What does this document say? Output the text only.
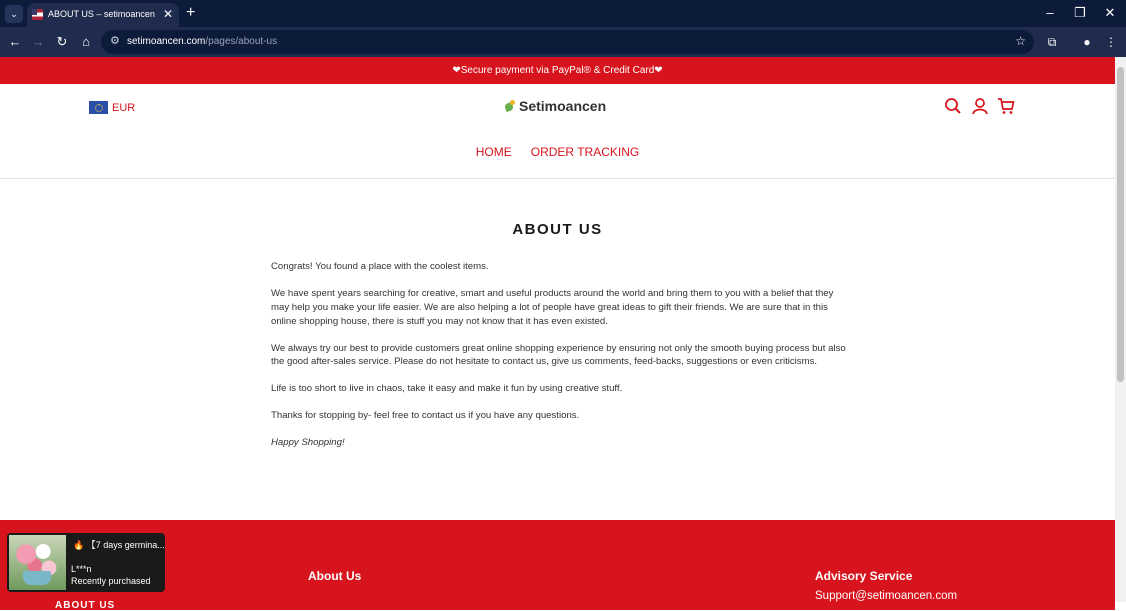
⌄	ABOUT US – setimoancen ✕ +	–	❐	✕
← → ↻	⌂	⚙ setimoancen.com/pages/about-us	☆	⧉	●	⋮
❤Secure payment via PayPal® & Credit Card❤
EUR	Setimoancen
HOME ORDER TRACKING
ABOUT US

Congrats! You found a place with the coolest items.

We have spent years searching for creative, smart and useful products around the world and bring them to you with a belief that they may help you make your life easier. We are also helping a lot of people have great ideas to gift their friends. We are sure that in this online shopping house, there is stuff you may not know that it has even existed.

We always try our best to provide customers great online shopping experience by ensuring not only the smooth buying process but also the good after-sales service. Please do not hesitate to contact us, give us comments, feed-backs, suggestions or even criticisms.

Life is too short to live in chaos, take it easy and make it fun by using creative stuff.

Thanks for stopping by- feel free to contact us if you have any questions.

Happy Shopping!

About Us	Advisory Service
Support@setimoancen.com
ABOUT US
🔥 【7 days germina...
L***n
Recently purchased
